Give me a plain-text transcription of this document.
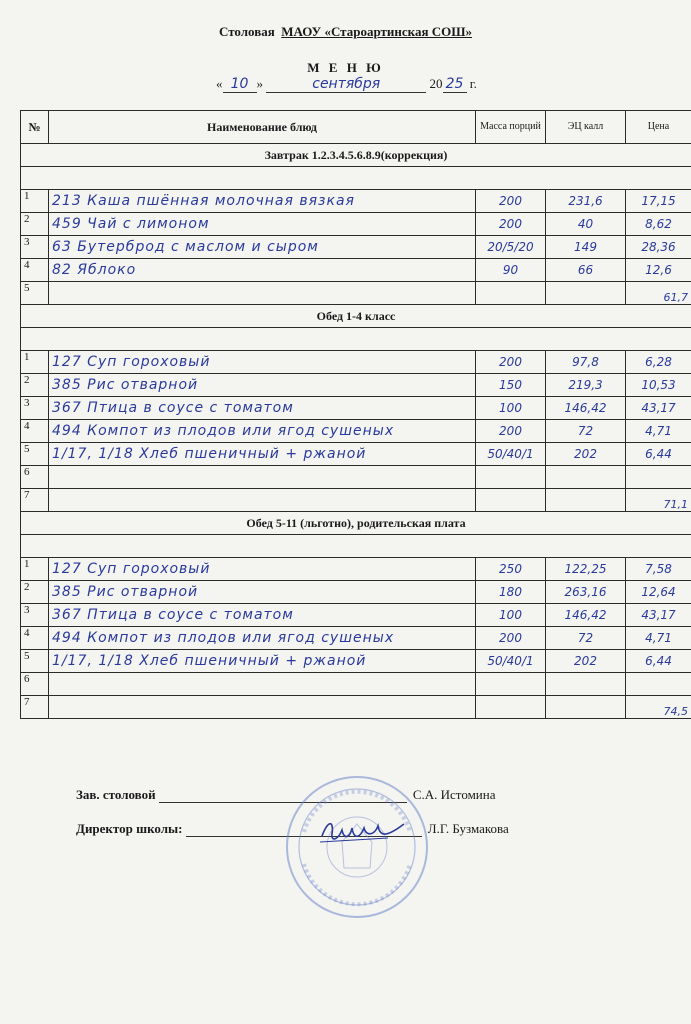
Столовая МАОУ «Староартинская СОШ»
М Е Н Ю
« 10 »	сентября	20 25 г.
№	Наименование блюд	Масса порций	ЭЦ калл	Цена
Завтрак 1.2.3.4.5.6.8.9(коррекция)				

1	213 Каша пшённая молочная вязкая	200	231,6	17,15
2	459 Чай с лимоном	200	40	8,62
3	63 Бутерброд с маслом и сыром	20/5/20	149	28,36
4	82 Яблоко	90	66	12,6
5				61,7
Обед 1-4 класс				

1	127 Суп гороховый	200	97,8	6,28
2	385 Рис отварной	150	219,3	10,53
3	367 Птица в соусе с томатом	100	146,42	43,17
4	494 Компот из плодов или ягод сушеных	200	72	4,71
5	1/17, 1/18 Хлеб пшеничный + ржаной	50/40/1	202	6,44
6				
7				71,1
Обед 5-11 (льготно), родительская плата				

1	127 Суп гороховый	250	122,25	7,58
2	385 Рис отварной	180	263,16	12,64
3	367 Птица в соусе с томатом	100	146,42	43,17
4	494 Компот из плодов или ягод сушеных	200	72	4,71
5	1/17, 1/18 Хлеб пшеничный + ржаной	50/40/1	202	6,44
6				
7				74,5
Зав. столовой	С.А. Истомина
Директор школы:	Л.Г. Бузмакова
